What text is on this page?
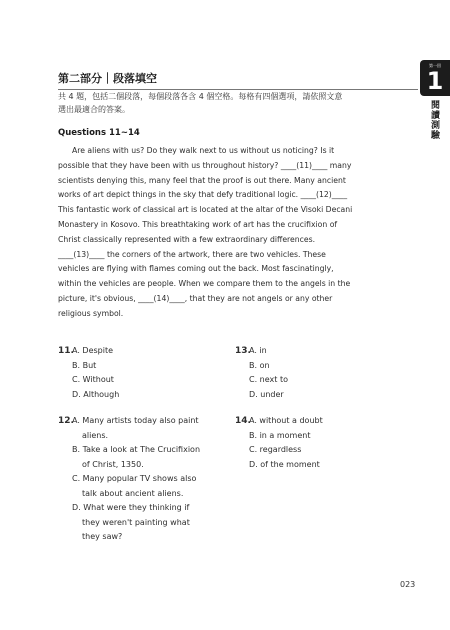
第一回
1
閱讀測驗
第二部分｜段落填空
共 4 題，包括二個段落，每個段落各含 4 個空格。每格有四個選項，請依照文意
選出最適合的答案。
Questions 11~14
Are aliens with us? Do they walk next to us without us noticing? Is it
possible that they have been with us throughout history? ____(11)____ many
scientists denying this, many feel that the proof is out there. Many ancient
works of art depict things in the sky that defy traditional logic. ____(12)____
This fantastic work of classical art is located at the altar of the Visoki Decani
Monastery in Kosovo. This breathtaking work of art has the crucifixion of
Christ classically represented with a few extraordinary differences.
____(13)____ the corners of the artwork, there are two vehicles. These
vehicles are flying with flames coming out the back. Most fascinatingly,
within the vehicles are people. When we compare them to the angels in the
picture, it's obvious, ____(14)____, that they are not angels or any other
religious symbol.
11.
A. Despite
B. But
C. Without
D. Although
13.
A. in
B. on
C. next to
D. under
12.
A. Many artists today also paint
aliens.
B. Take a look at The Crucifixion
of Christ, 1350.
C. Many popular TV shows also
talk about ancient aliens.
D. What were they thinking if
they weren't painting what
they saw?
14.
A. without a doubt
B. in a moment
C. regardless
D. of the moment
023
